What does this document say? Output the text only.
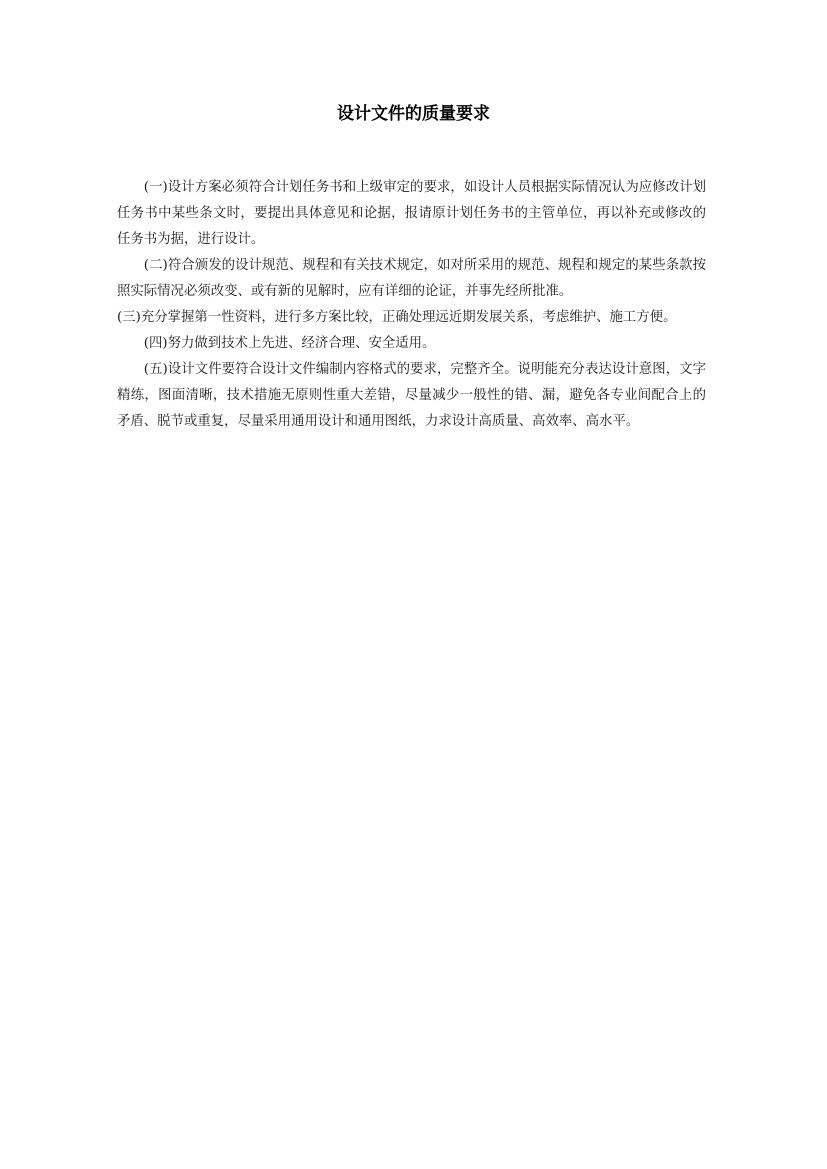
设计文件的质量要求

(一)设计方案必须符合计划任务书和上级审定的要求，如设计人员根据实际情况认为应修改计划任务书中某些条文时，要提出具体意见和论据，报请原计划任务书的主管单位，再以补充或修改的任务书为据，进行设计。

(二)符合颁发的设计规范、规程和有关技术规定，如对所采用的规范、规程和规定的某些条款按照实际情况必须改变、或有新的见解时，应有详细的论证，并事先经所批准。

(三)充分掌握第一性资料，进行多方案比较，正确处理远近期发展关系，考虑维护、施工方便。

(四)努力做到技术上先进、经济合理、安全适用。

(五)设计文件要符合设计文件编制内容格式的要求，完整齐全。说明能充分表达设计意图，文字精练，图面清晰，技术措施无原则性重大差错，尽量减少一般性的错、漏，避免各专业间配合上的矛盾、脱节或重复，尽量采用通用设计和通用图纸，力求设计高质量、高效率、高水平。
